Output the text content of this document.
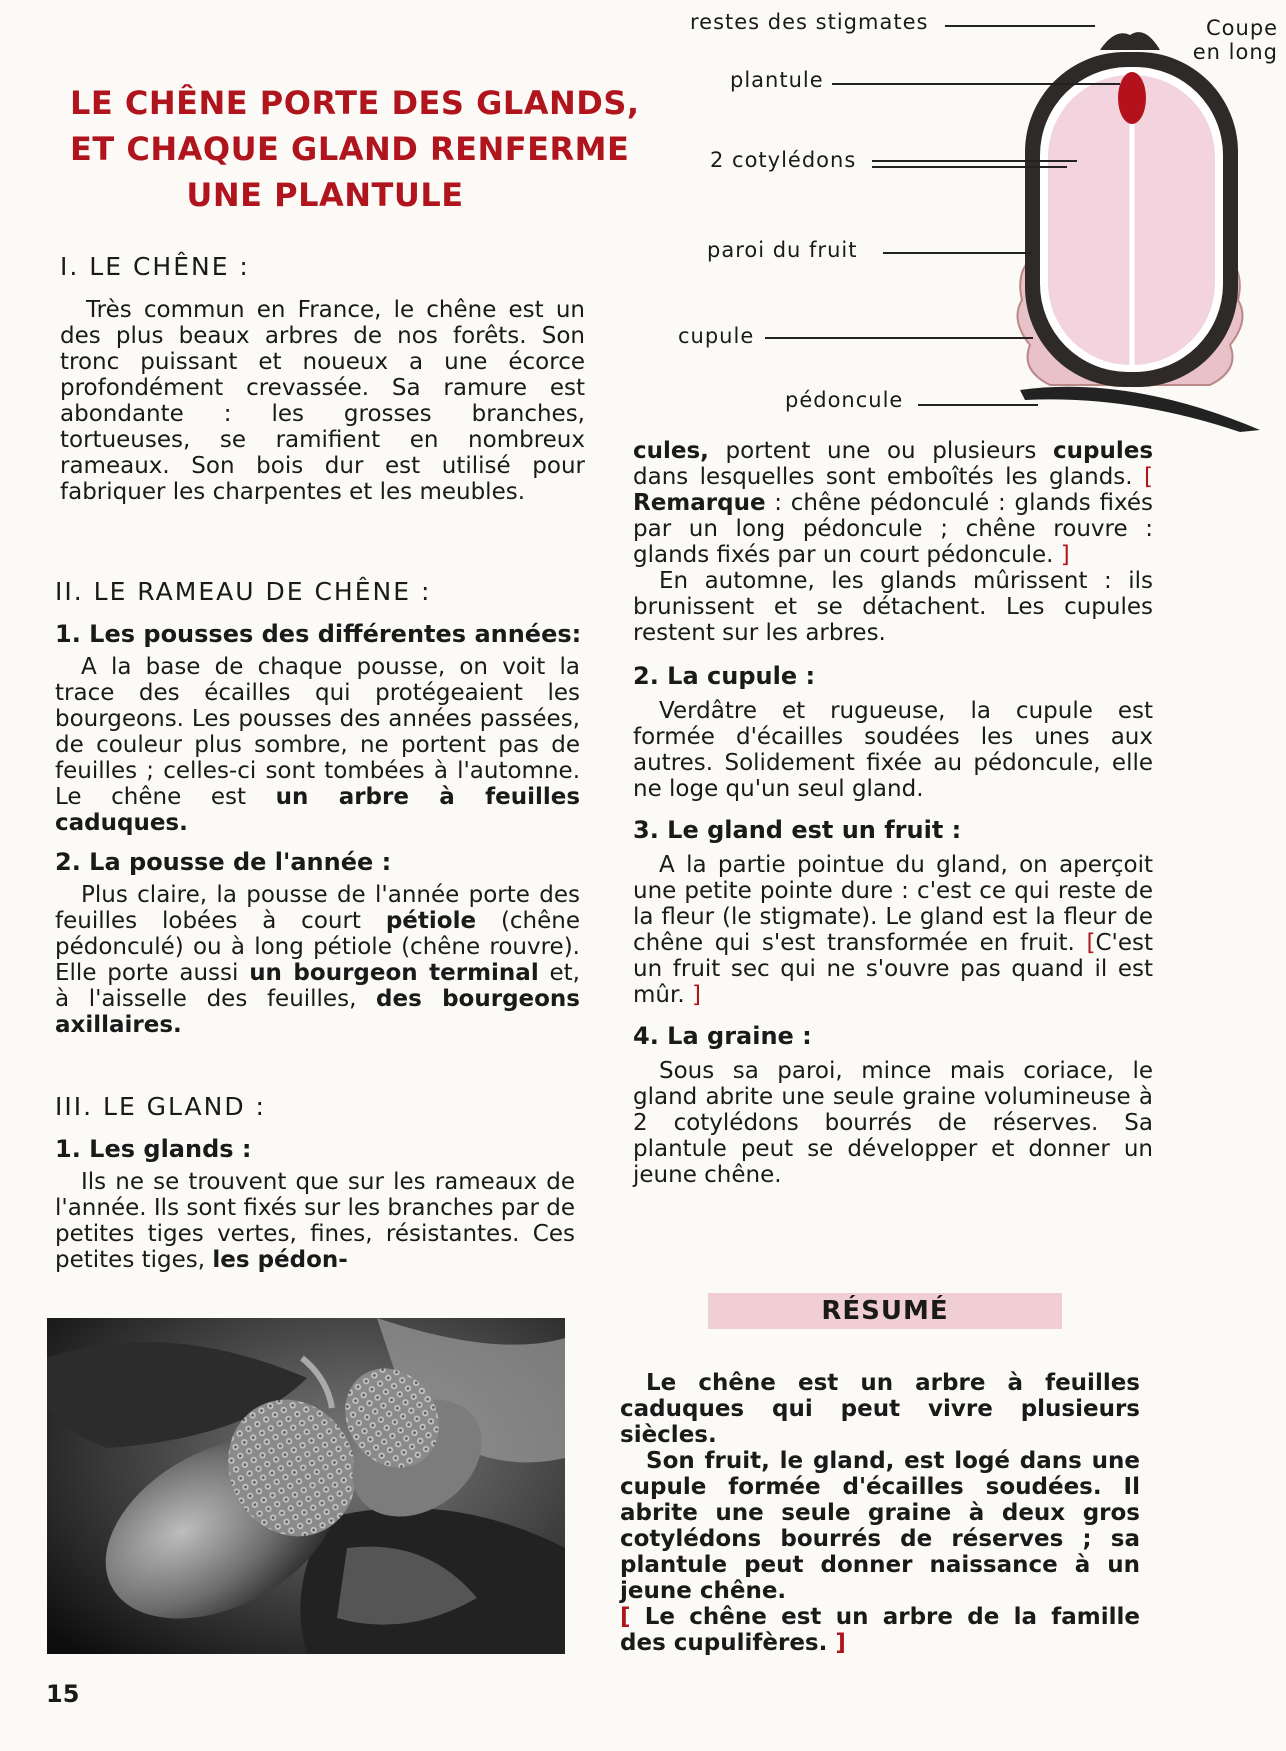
LE CHÊNE PORTE DES GLANDS,
ET CHAQUE GLAND RENFERME
UNE PLANTULE
I. LE CHÊNE :

Très commun en France, le chêne est un des plus beaux arbres de nos forêts. Son tronc puissant et noueux a une écorce profondément crevassée. Sa ramure est abondante : les grosses branches, tortueuses, se ramifient en nombreux rameaux. Son bois dur est utilisé pour fabriquer les charpentes et les meubles.

II. LE RAMEAU DE CHÊNE :
1. Les pousses des différentes années:

A la base de chaque pousse, on voit la trace des écailles qui protégeaient les bourgeons. Les pousses des années passées, de couleur plus sombre, ne portent pas de feuilles ; celles-ci sont tombées à l'automne. Le chêne est un arbre à feuilles caduques.

2. La pousse de l'année :

Plus claire, la pousse de l'année porte des feuilles lobées à court pétiole (chêne pédonculé) ou à long pétiole (chêne rouvre). Elle porte aussi un bourgeon terminal et, à l'aisselle des feuilles, des bourgeons axillaires.

III. LE GLAND :
1. Les glands :

Ils ne se trouvent que sur les rameaux de l'année. Ils sont fixés sur les branches par de petites tiges vertes, fines, résistantes. Ces petites tiges, les pédon-

15
restes des stigmates
plantule
2 cotylédons
paroi du fruit
cupule
pédoncule
Coupe
en long

cules, portent une ou plusieurs cupules dans lesquelles sont emboîtés les glands. [ Remarque : chêne pédonculé : glands fixés par un long pédoncule ; chêne rouvre : glands fixés par un court pédoncule. ]

En automne, les glands mûrissent : ils brunissent et se détachent. Les cupules restent sur les arbres.

2. La cupule :

Verdâtre et rugueuse, la cupule est formée d'écailles soudées les unes aux autres. Solidement fixée au pédoncule, elle ne loge qu'un seul gland.

3. Le gland est un fruit :

A la partie pointue du gland, on aperçoit une petite pointe dure : c'est ce qui reste de la fleur (le stigmate). Le gland est la fleur de chêne qui s'est transformée en fruit. [C'est un fruit sec qui ne s'ouvre pas quand il est mûr. ]

4. La graine :

Sous sa paroi, mince mais coriace, le gland abrite une seule graine volumineuse à 2 cotylédons bourrés de réserves. Sa plantule peut se développer et donner un jeune chêne.

RÉSUMÉ

Le chêne est un arbre à feuilles caduques qui peut vivre plusieurs siècles.

Son fruit, le gland, est logé dans une cupule formée d'écailles soudées. Il abrite une seule graine à deux gros cotylédons bourrés de réserves ; sa plantule peut donner naissance à un jeune chêne.

[ Le chêne est un arbre de la famille des cupulifères. ]
